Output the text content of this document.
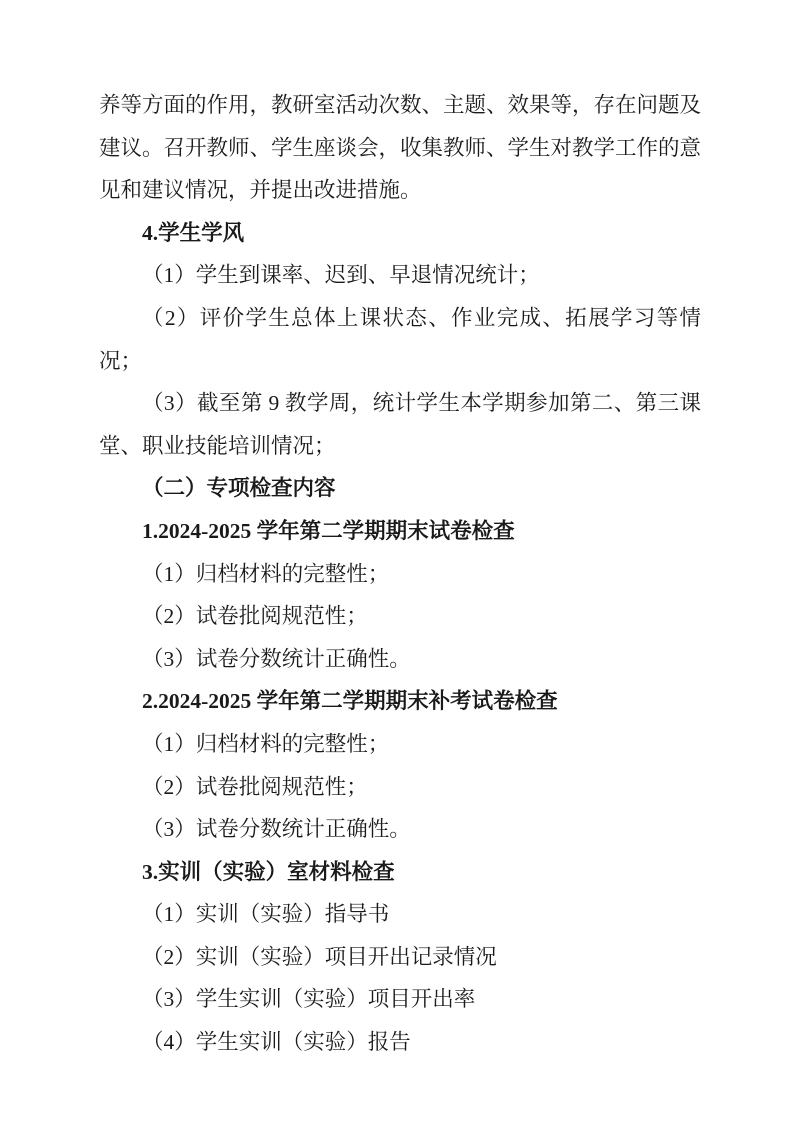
养等方面的作用，教研室活动次数、主题、效果等，存在问题及建议。召开教师、学生座谈会，收集教师、学生对教学工作的意见和建议情况，并提出改进措施。

4.学生学风

（1）学生到课率、迟到、早退情况统计；

（2）评价学生总体上课状态、作业完成、拓展学习等情况；

（3）截至第 9 教学周，统计学生本学期参加第二、第三课堂、职业技能培训情况；

（二）专项检查内容

1.2024-2025 学年第二学期期末试卷检查

（1）归档材料的完整性；

（2）试卷批阅规范性；

（3）试卷分数统计正确性。

2.2024-2025 学年第二学期期末补考试卷检查

（1）归档材料的完整性；

（2）试卷批阅规范性；

（3）试卷分数统计正确性。

3.实训（实验）室材料检查

（1）实训（实验）指导书

（2）实训（实验）项目开出记录情况

（3）学生实训（实验）项目开出率

（4）学生实训（实验）报告
